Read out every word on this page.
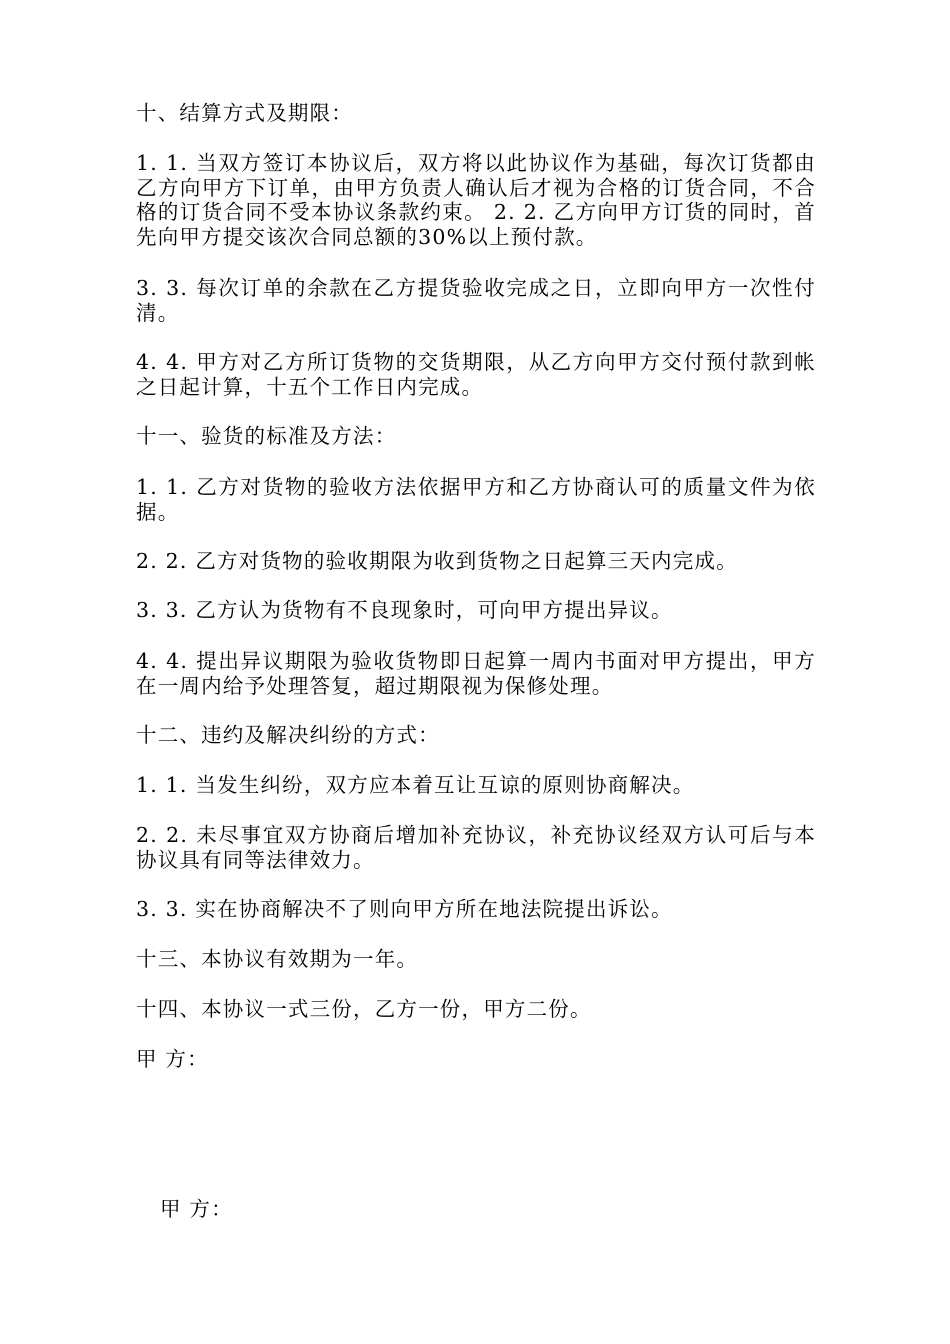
十、结算方式及期限：
1. 1. 当双方签订本协议后，双方将以此协议作为基础，每次订货都由乙方向甲方下订单，由甲方负责人确认后才视为合格的订货合同，不合格的订货合同不受本协议条款约束。 2. 2. 乙方向甲方订货的同时，首先向甲方提交该次合同总额的30%以上预付款。
3. 3. 每次订单的余款在乙方提货验收完成之日，立即向甲方一次性付清。
4. 4. 甲方对乙方所订货物的交货期限，从乙方向甲方交付预付款到帐之日起计算，十五个工作日内完成。
十一、验货的标准及方法：
1. 1. 乙方对货物的验收方法依据甲方和乙方协商认可的质量文件为依据。
2. 2. 乙方对货物的验收期限为收到货物之日起算三天内完成。
3. 3. 乙方认为货物有不良现象时，可向甲方提出异议。
4. 4. 提出异议期限为验收货物即日起算一周内书面对甲方提出，甲方在一周内给予处理答复，超过期限视为保修处理。
十二、违约及解决纠纷的方式：
1. 1. 当发生纠纷，双方应本着互让互谅的原则协商解决。
2. 2. 未尽事宜双方协商后增加补充协议，补充协议经双方认可后与本协议具有同等法律效力。
3. 3. 实在协商解决不了则向甲方所在地法院提出诉讼。
十三、本协议有效期为一年。
十四、本协议一式三份，乙方一份，甲方二份。
甲 方：
甲 方：
